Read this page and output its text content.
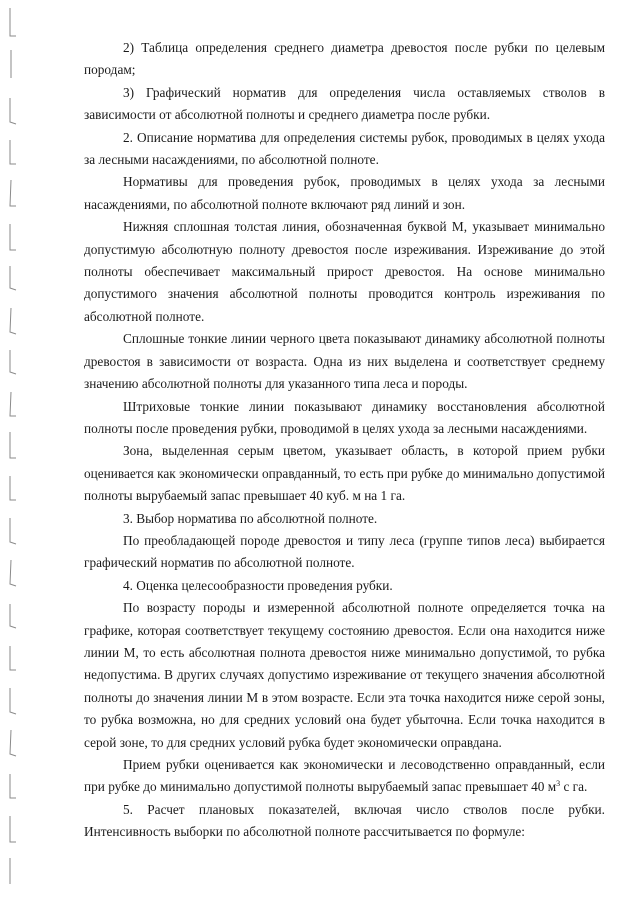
2) Таблица определения среднего диаметра древостоя после рубки по целевым породам;

3) Графический норматив для определения числа оставляемых стволов в зависимости от абсолютной полноты и среднего диаметра после рубки.

2. Описание норматива для определения системы рубок, проводимых в целях ухода за лесными насаждениями, по абсолютной полноте.

Нормативы для проведения рубок, проводимых в целях ухода за лесными насаждениями, по абсолютной полноте включают ряд линий и зон.

Нижняя сплошная толстая линия, обозначенная буквой М, указывает минимально допустимую абсолютную полноту древостоя после изреживания. Изреживание до этой полноты обеспечивает максимальный прирост древостоя. На основе минимально допустимого значения абсолютной полноты проводится контроль изреживания по абсолютной полноте.

Сплошные тонкие линии черного цвета показывают динамику абсолютной полноты древостоя в зависимости от возраста. Одна из них выделена и соответствует среднему значению абсолютной полноты для указанного типа леса и породы.

Штриховые тонкие линии показывают динамику восстановления абсолютной полноты после проведения рубки, проводимой в целях ухода за лесными насаждениями.

Зона, выделенная серым цветом, указывает область, в которой прием рубки оценивается как экономически оправданный, то есть при рубке до минимально допустимой полноты вырубаемый запас превышает 40 куб. м на 1 га.

3. Выбор норматива по абсолютной полноте.

По преобладающей породе древостоя и типу леса (группе типов леса) выбирается графический норматив по абсолютной полноте.

4. Оценка целесообразности проведения рубки.

По возрасту породы и измеренной абсолютной полноте определяется точка на графике, которая соответствует текущему состоянию древостоя. Если она находится ниже линии М, то есть абсолютная полнота древостоя ниже минимально допустимой, то рубка недопустима. В других случаях допустимо изреживание от текущего значения абсолютной полноты до значения линии М в этом возрасте. Если эта точка находится ниже серой зоны, то рубка возможна, но для средних условий она будет убыточна. Если точка находится в серой зоне, то для средних условий рубка будет экономически оправдана.

Прием рубки оценивается как экономически и лесоводственно оправданный, если при рубке до минимально допустимой полноты вырубаемый запас превышает 40 $м^3$ с га.

5. Расчет плановых показателей, включая число стволов после рубки. Интенсивность выборки по абсолютной полноте рассчитывается по формуле:
